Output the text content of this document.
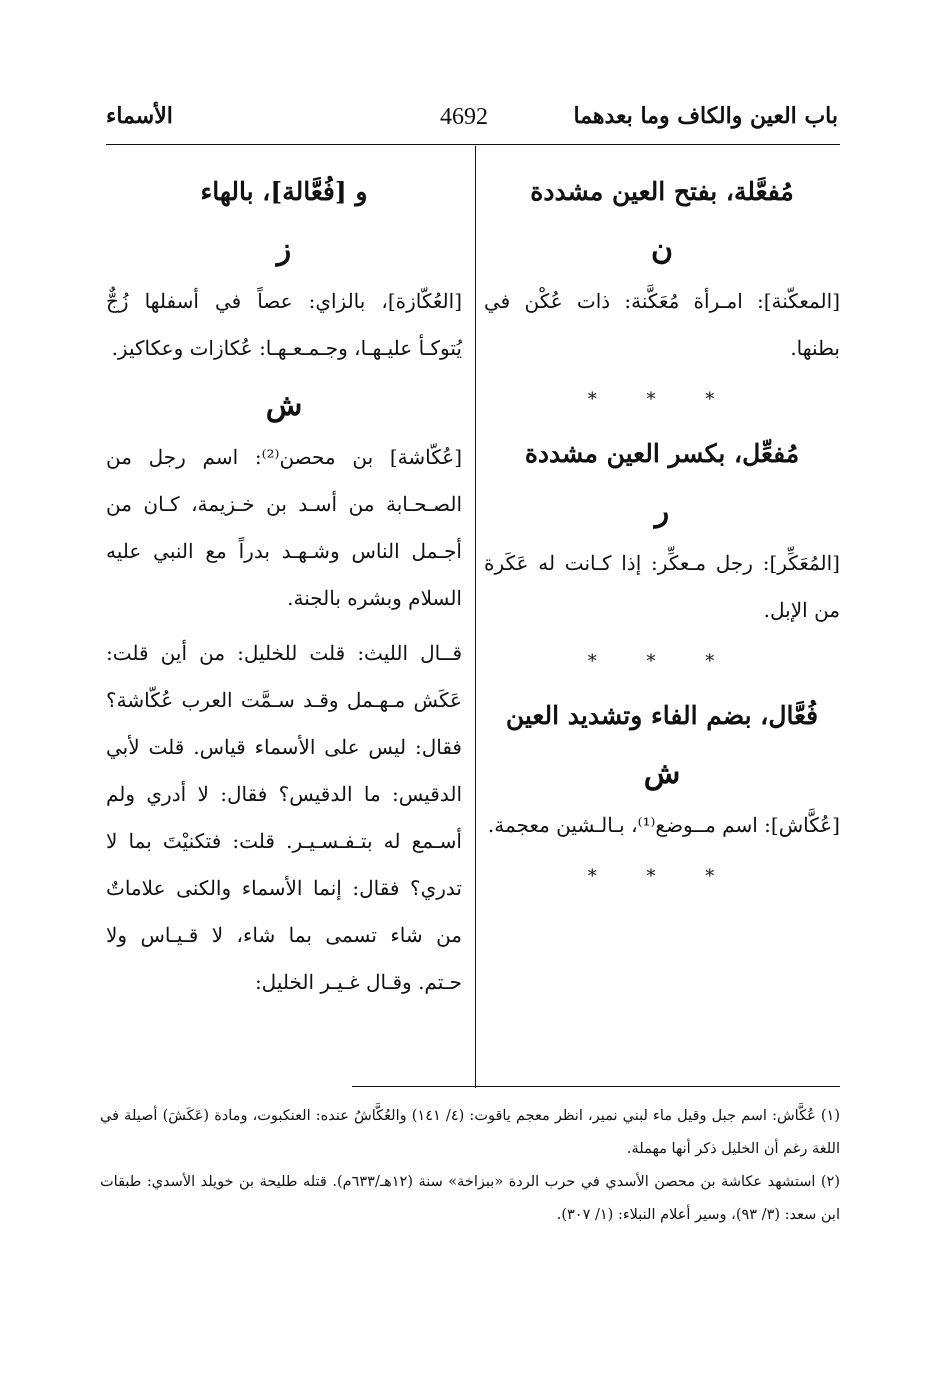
باب العين والكاف وما بعدهما
4692
الأسماء
مُفعَّلة، بفتح العين مشددة
ن

[المعكّنة]: امـرأة مُعَكَّنة: ذات عُكْن في بطنها.

* * *
مُفعِّل، بكسر العين مشددة
ر

[المُعَكِّر]: رجل مـعكِّر: إذا كـانت له عَكَرة من الإبل.

* * *
فُعَّال، بضم الفاء وتشديد العين
ش

[عُكَّاش]: اسم مــوضع⁽¹⁾، بـالـشين معجمة.

* * *
و [فُعَّالة]، بالهاء
ز

[العُكّازة]، بالزاي: عصاً في أسفلها زُجٌّ يُتوكـأ عليـهـا، وجـمـعـهـا: عُكازات وعكاكيز.

ش

[عُكّاشة] بن محصن⁽²⁾: اسم رجل من الصـحـابة من أسـد بن خـزيمة، كـان من أجـمل الناس وشـهـد بدراً مع النبي عليه السلام وبشره بالجنة.

قــال الليث: قلت للخليل: من أين قلت: عَكَش مـهـمل وقـد سـمَّت العرب عُكّاشة؟ فقال: ليس على الأسماء قياس. قلت لأبي الدقيس: ما الدقيس؟ فقال: لا أدري ولم أسـمع له بتـفـسـيـر. قلت: فتكنيْتَ بما لا تدري؟ فقال: إنما الأسماء والكنى علاماتٌ من شاء تسمى بما شاء، لا قـيـاس ولا حـتم. وقـال غـيـر الخليل:

(١) عُكَّاش: اسم جبل وقيل ماء لبني نمير، انظر معجم ياقوت: (٤/ ١٤١) والعُكَّاشُ عنده: العنكبوت، ومادة (عَكَشَ) أصيلة في اللغة رغم أن الخليل ذكر أنها مهملة.

(٢) استشهد عكاشة بن محصن الأسدي في حرب الردة «ببزاخة» سنة (١٢هـ/٦٣٣م). قتله طليحة بن خويلد الأسدي: طبقات ابن سعد: (٣/ ٩٣)، وسير أعلام النبلاء: (١/ ٣٠٧).
